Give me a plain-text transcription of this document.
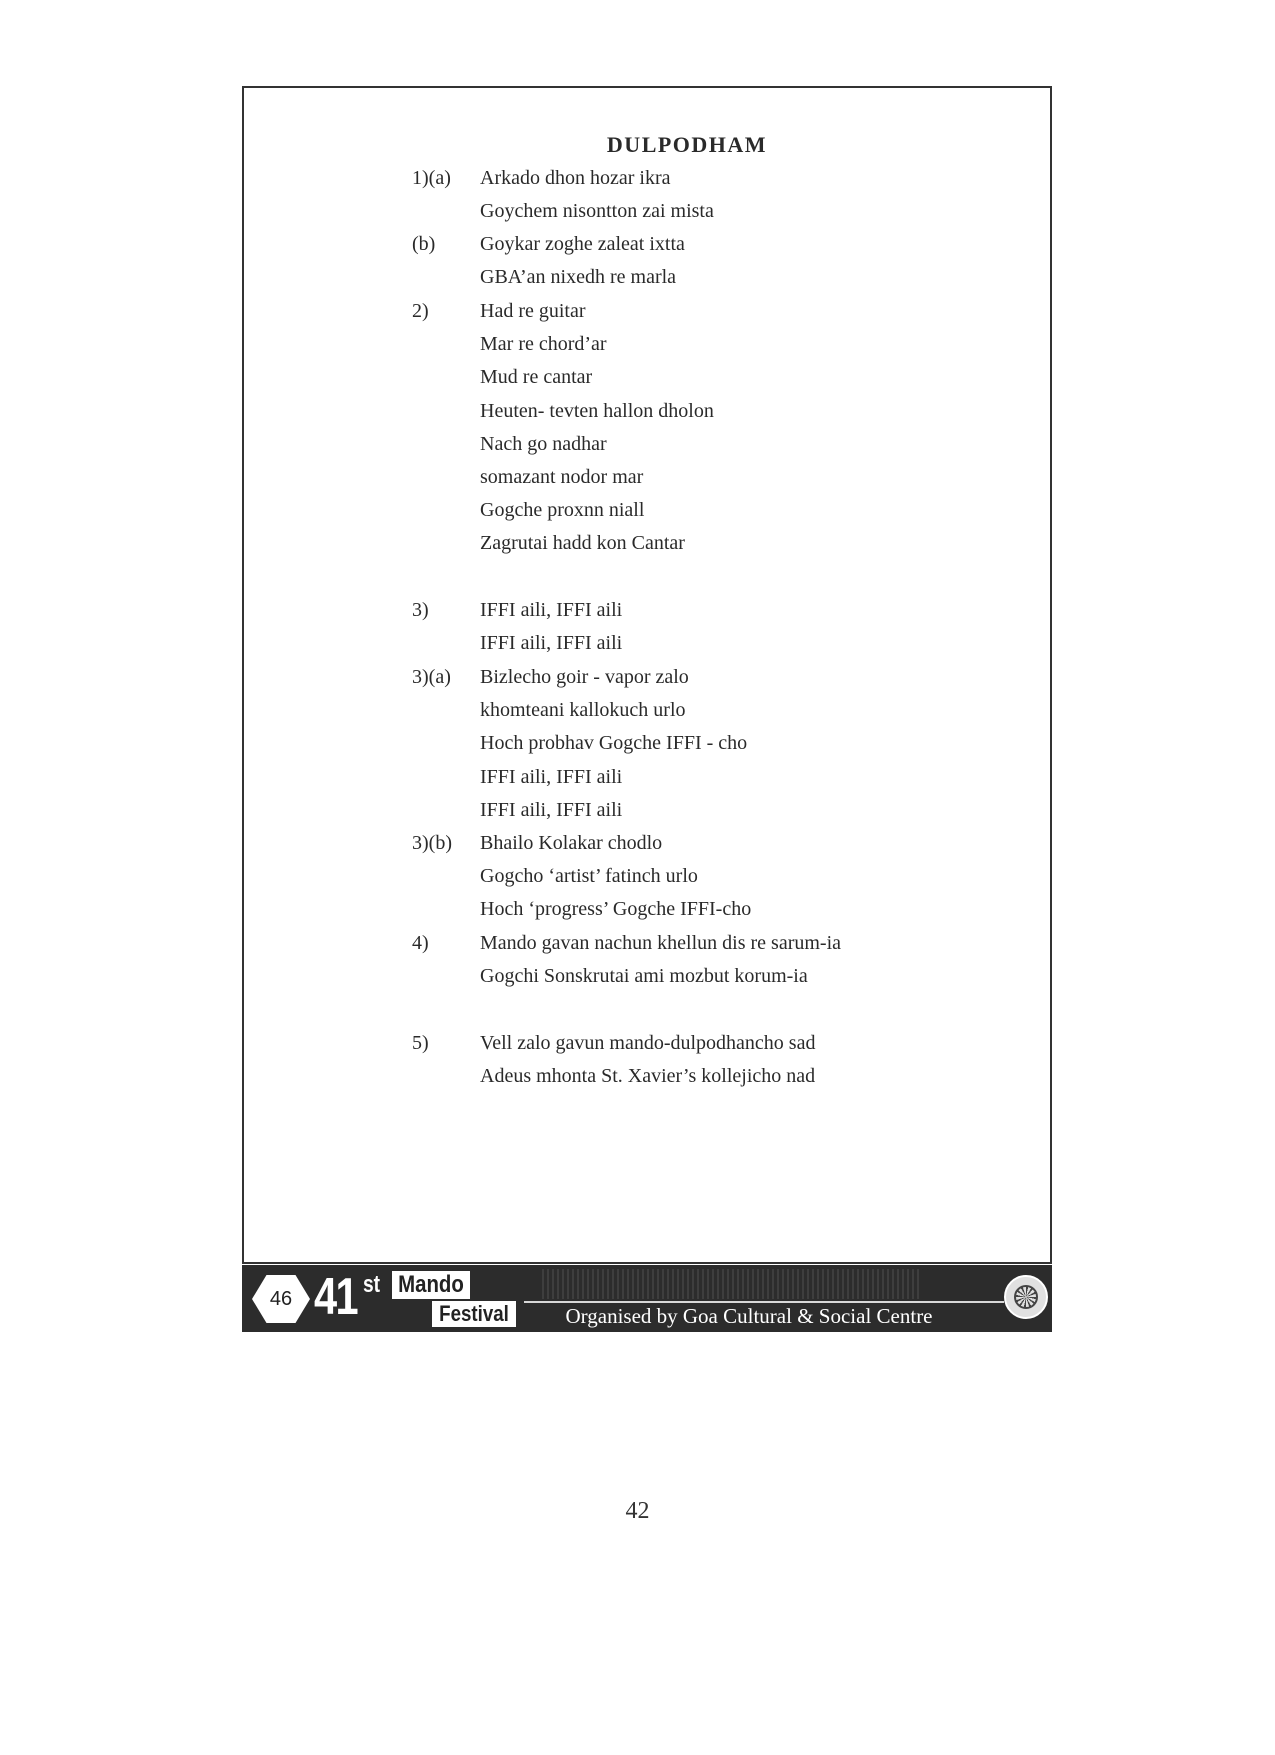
DULPODHAM
1)(a) Arkado dhon hozar ikra
Goychem nisontton zai mista
(b) Goykar zoghe zaleat ixtta
GBA’an nixedh re marla
2)	Had re guitar
Mar re chord’ar
Mud re cantar
Heuten- tevten hallon dholon
Nach go nadhar
somazant nodor mar
Gogche proxnn niall
Zagrutai hadd kon Cantar
3)	IFFI aili, IFFI aili
IFFI aili, IFFI aili
3)(a) Bizlecho goir - vapor zalo
khomteani kallokuch urlo
Hoch probhav Gogche IFFI - cho
IFFI aili, IFFI aili
IFFI aili, IFFI aili
3)(b) Bhailo Kolakar chodlo
Gogcho ‘artist’ fatinch urlo
Hoch ‘progress’ Gogche IFFI-cho
4)	Mando gavan nachun khellun dis re sarum-ia
Gogchi Sonskrutai ami mozbut korum-ia
5)	Vell zalo gavun mando-dulpodhancho sad
Adeus mhonta St. Xavier’s kollejicho nad
46 41 st Mando
Festival	Organised by Goa Cultural & Social Centre
42
